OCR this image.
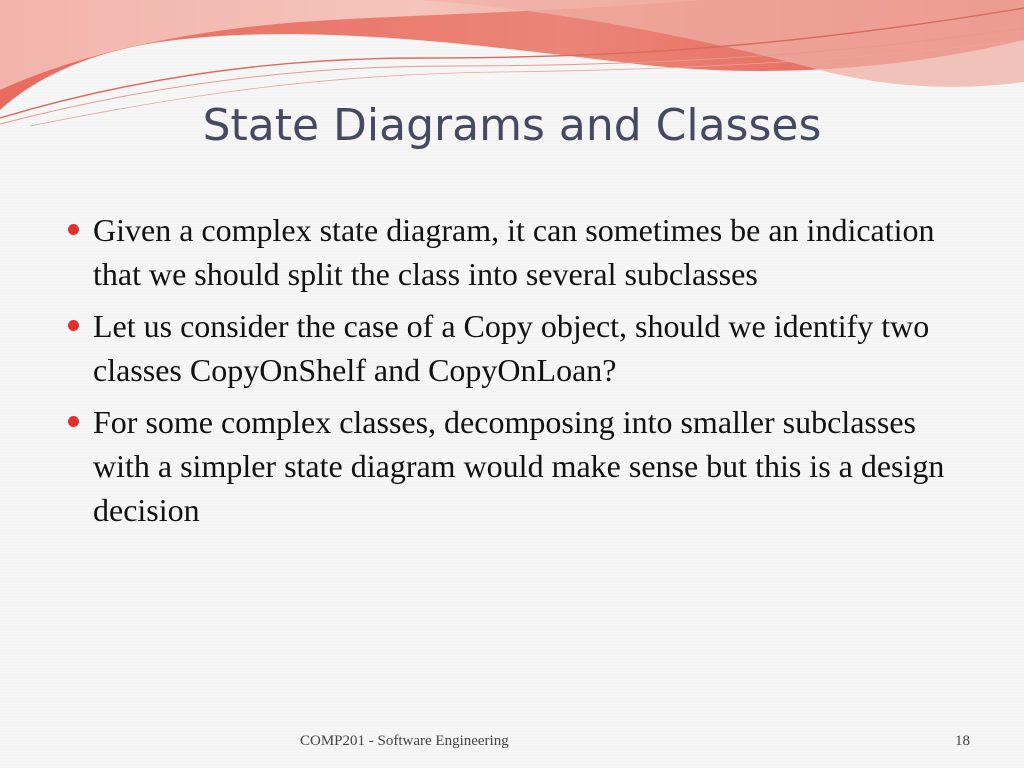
State Diagrams and Classes
Given a complex state diagram, it can sometimes be an indication that we should split the class into several subclasses
Let us consider the case of a Copy object, should we identify two classes CopyOnShelf and CopyOnLoan?
For some complex classes, decomposing into smaller subclasses with a simpler state diagram would make sense but this is a design decision
COMP201 - Software Engineering	18
